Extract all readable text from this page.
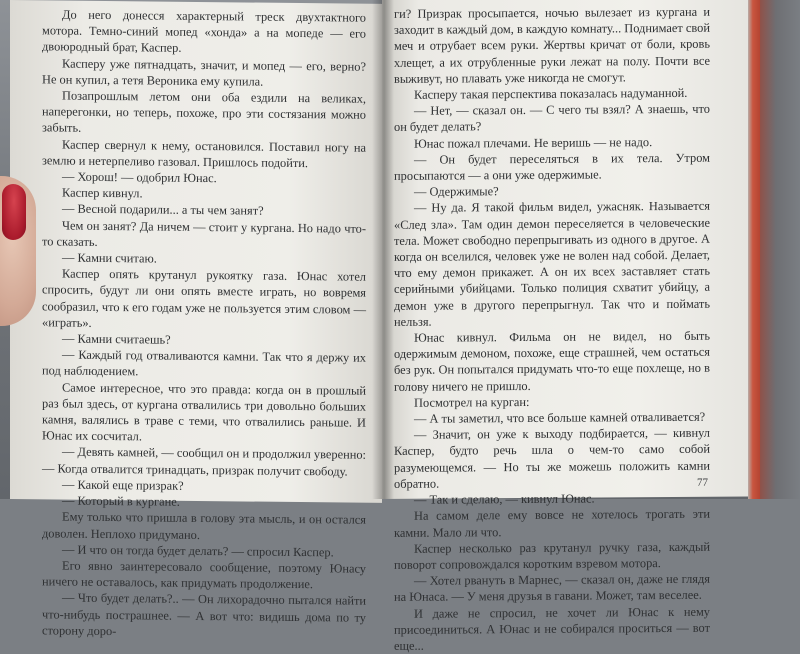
До него донесся характерный треск двухтактного мотора. Темно-синий мопед «хонда» а на мопеде — его двоюродный брат, Каспер.

Касперу уже пятнадцать, значит, и мопед — его, верно? Не он купил, а тетя Вероника ему купила.

Позапрошлым летом они оба ездили на великах, наперегонки, но теперь, похоже, про эти состязания можно забыть.

Каспер свернул к нему, остановился. Поставил ногу на землю и нетерпеливо газовал. Пришлось подойти.

— Хорош! — одобрил Юнас.

Каспер кивнул.

— Весной подарили... а ты чем занят?

Чем он занят? Да ничем — стоит у кургана. Но надо что-то сказать.

— Камни считаю.

Каспер опять крутанул рукоятку газа. Юнас хотел спросить, будут ли они опять вместе играть, но вовремя сообразил, что к его годам уже не пользуется этим словом — «играть».

— Камни считаешь?

— Каждый год отваливаются камни. Так что я держу их под наблюдением.

Самое интересное, что это правда: когда он в прошлый раз был здесь, от кургана отвалились три довольно больших камня, валялись в траве с теми, что отвалились раньше. И Юнас их сосчитал.

— Девять камней, — сообщил он и продолжил уверенно: — Когда отвалится тринадцать, призрак получит свободу.

— Какой еще призрак?

— Который в кургане.

Ему только что пришла в голову эта мысль, и он остался доволен. Неплохо придумано.

— И что он тогда будет делать? — спросил Каспер.

Его явно заинтересовало сообщение, поэтому Юнасу ничего не оставалось, как придумать продолжение.

— Что будет делать?.. — Он лихорадочно пытался найти что-нибудь пострашнее. — А вот что: видишь дома по ту сторону доро-

ги? Призрак просыпается, ночью вылезает из кургана и заходит в каждый дом, в каждую комнату... Поднимает свой меч и отрубает всем руки. Жертвы кричат от боли, кровь хлещет, а их отрубленные руки лежат на полу. Почти все выживут, но плавать уже никогда не смогут.

Касперу такая перспектива показалась надуманной.

— Нет, — сказал он. — С чего ты взял? А знаешь, что он будет делать?

Юнас пожал плечами. Не веришь — не надо.

— Он будет переселяться в их тела. Утром просыпаются — а они уже одержимые.

— Одержимые?

— Ну да. Я такой фильм видел, ужасняк. Называется «След зла». Там один демон переселяется в человеческие тела. Может свободно перепрыгивать из одного в другое. А когда он вселился, человек уже не волен над собой. Делает, что ему демон прикажет. А он их всех заставляет стать серийными убийцами. Только полиция схватит убийцу, а демон уже в другого перепрыгнул. Так что и поймать нельзя.

Юнас кивнул. Фильма он не видел, но быть одержимым демоном, похоже, еще страшней, чем остаться без рук. Он попытался придумать что-то еще похлеще, но в голову ничего не пришло.

Посмотрел на курган:

— А ты заметил, что все больше камней отваливается?

— Значит, он уже к выходу подбирается, — кивнул Каспер, будто речь шла о чем-то само собой разумеющемся. — Но ты же можешь положить камни обратно.

— Так и сделаю, — кивнул Юнас.

На самом деле ему вовсе не хотелось трогать эти камни. Мало ли что.

Каспер несколько раз крутанул ручку газа, каждый поворот сопровождался коротким взревом мотора.

— Хотел рвануть в Марнес, — сказал он, даже не глядя на Юнаса. — У меня друзья в гавани. Может, там веселее.

И даже не спросил, не хочет ли Юнас к нему присоединиться. А Юнас и не собирался проситься — вот еще...

77
